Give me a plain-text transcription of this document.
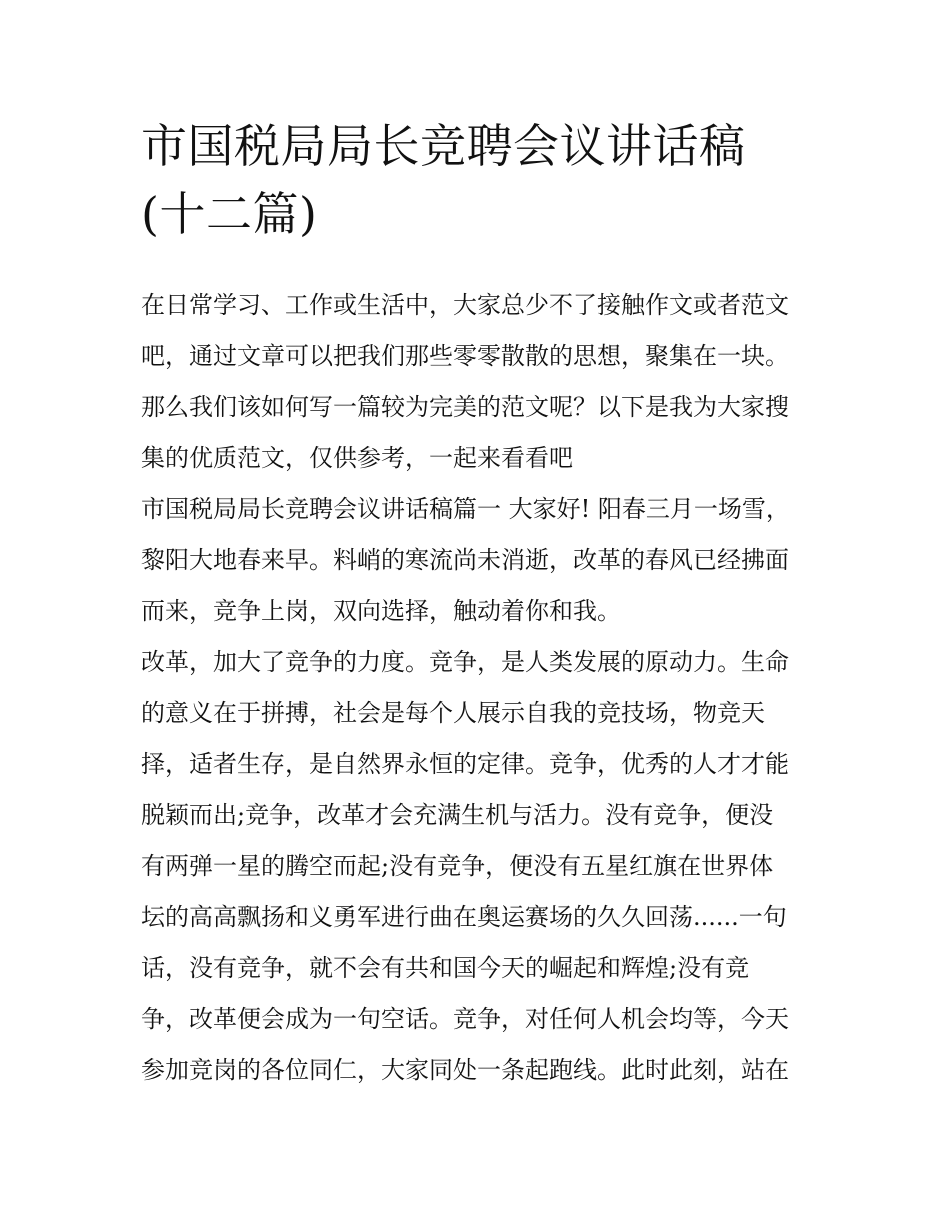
市国税局局长竞聘会议讲话稿
(十二篇)

在日常学习、工作或生活中，大家总少不了接触作文或者范文
吧，通过文章可以把我们那些零零散散的思想，聚集在一块。
那么我们该如何写一篇较为完美的范文呢？以下是我为大家搜
集的优质范文，仅供参考，一起来看看吧

市国税局局长竞聘会议讲话稿篇一 大家好! 阳春三月一场雪，
黎阳大地春来早。料峭的寒流尚未消逝，改革的春风已经拂面
而来，竞争上岗，双向选择，触动着你和我。

改革，加大了竞争的力度。竞争，是人类发展的原动力。生命
的意义在于拼搏，社会是每个人展示自我的竞技场，物竞天
择，适者生存，是自然界永恒的定律。竞争，优秀的人才才能
脱颖而出;竞争，改革才会充满生机与活力。没有竞争，便没
有两弹一星的腾空而起;没有竞争，便没有五星红旗在世界体
坛的高高飘扬和义勇军进行曲在奥运赛场的久久回荡......一句
话，没有竞争，就不会有共和国今天的崛起和辉煌;没有竞
争，改革便会成为一句空话。竞争，对任何人机会均等，今天
参加竞岗的各位同仁，大家同处一条起跑线。此时此刻，站在
